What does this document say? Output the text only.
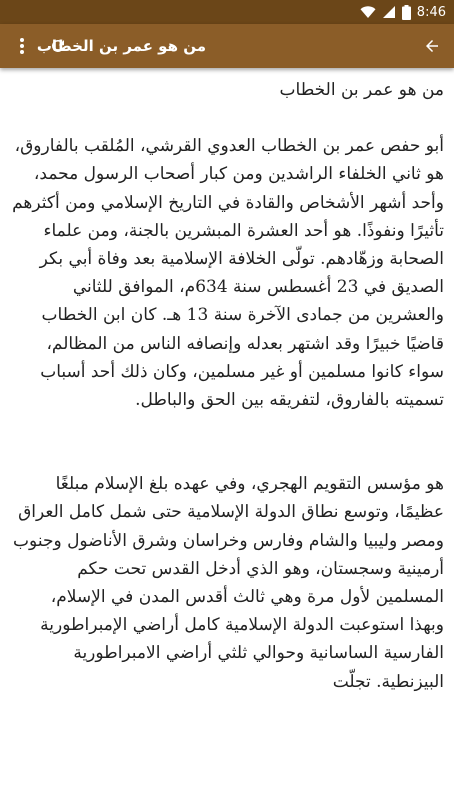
8:46
من هو عمر بن الخطاب

من هو عمر بن الخطاب

أبو حفص عمر بن الخطاب العدوي القرشي، المُلقب بالفاروق، هو ثاني الخلفاء الراشدين ومن كبار أصحاب الرسول محمد، وأحد أشهر الأشخاص والقادة في التاريخ الإسلامي ومن أكثرهم تأثيرًا ونفوذًا. هو أحد العشرة المبشرين بالجنة، ومن علماء الصحابة وزهّادهم. تولّى الخلافة الإسلامية بعد وفاة أبي بكر الصديق في 23 أغسطس سنة 634م، الموافق للثاني والعشرين من جمادى الآخرة سنة 13 هـ. كان ابن الخطاب قاضيًا خبيرًا وقد اشتهر بعدله وإنصافه الناس من المظالم، سواء كانوا مسلمين أو غير مسلمين، وكان ذلك أحد أسباب تسميته بالفاروق، لتفريقه بين الحق والباطل.

هو مؤسس التقويم الهجري، وفي عهده بلغ الإسلام مبلغًا عظيمًا، وتوسع نطاق الدولة الإسلامية حتى شمل كامل العراق ومصر وليبيا والشام وفارس وخراسان وشرق الأناضول وجنوب أرمينية وسجستان، وهو الذي أدخل القدس تحت حكم المسلمين لأول مرة وهي ثالث أقدس المدن في الإسلام، وبهذا استوعبت الدولة الإسلامية كامل أراضي الإمبراطورية الفارسية الساسانية وحوالي ثلثي أراضي الامبراطورية البيزنطية. تجلّت
